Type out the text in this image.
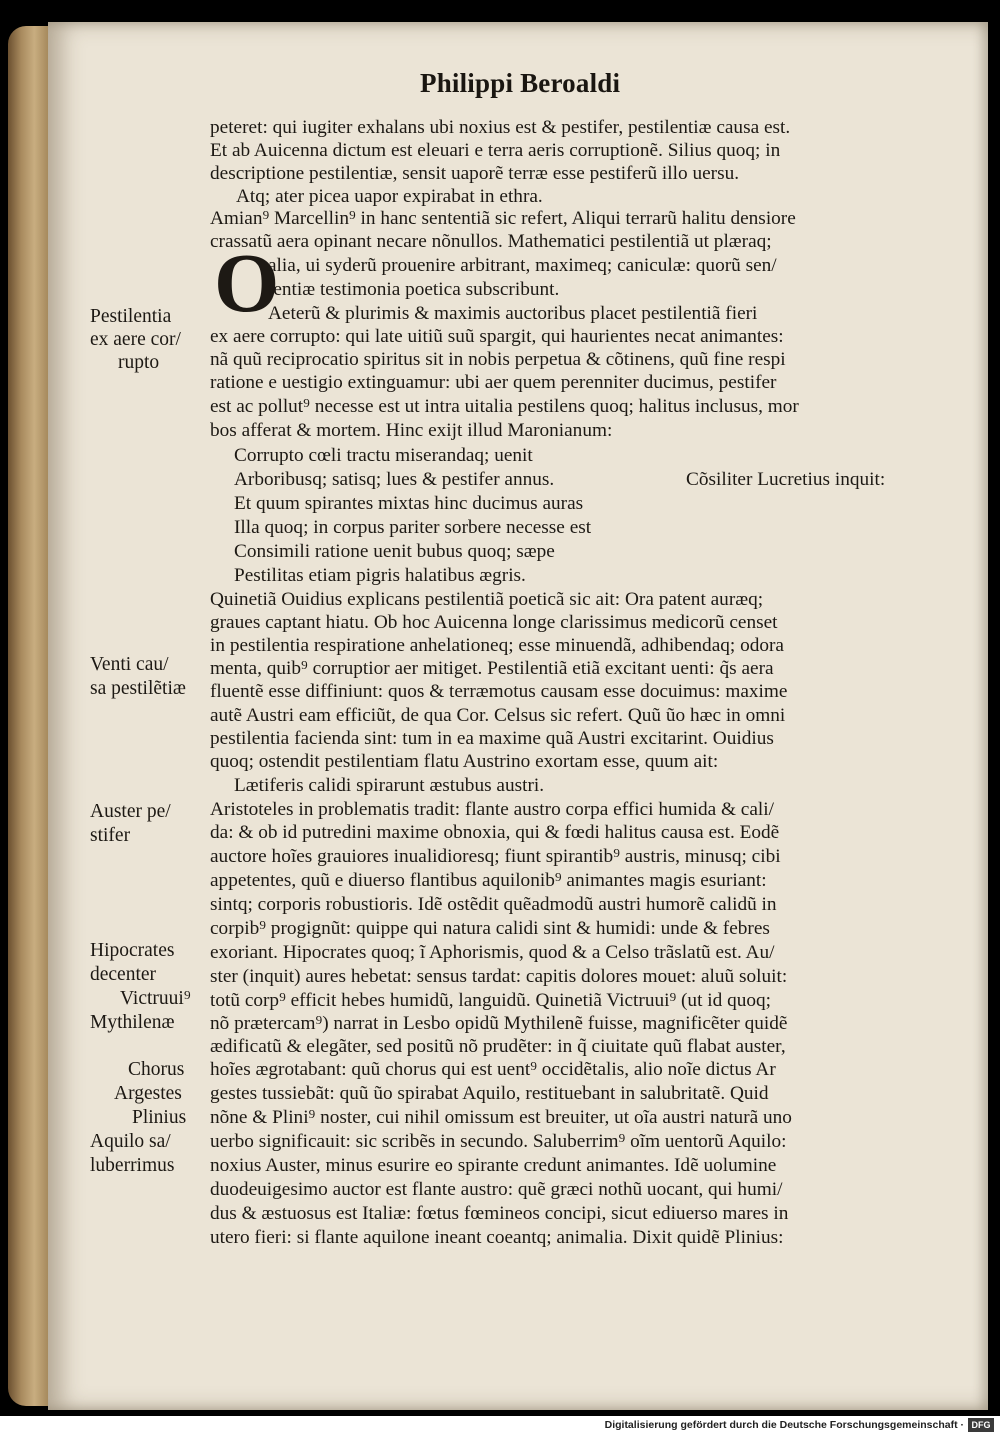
Philippi Beroaldi
O
peteret: qui iugiter exhalans ubi noxius est & pestifer, pestilentiæ causa est.
Et ab Auicenna dictum est eleuari e terra aeris corruptionẽ. Silius quoq; in
descriptione pestilentiæ, sensit uaporẽ terræ esse pestiferũ illo uersu.
Atq; ater picea uapor expirabat in ethra.
Amian⁹ Marcellin⁹ in hanc sententiã sic refert, Aliqui terrarũ halitu densiore
crassatũ aera opinant necare nõnullos. Mathematici pestilentiã ut plæraq;
alia, ui syderũ prouenire arbitrant, maximeq; caniculæ: quorũ sen/
tentiæ testimonia poetica subscribunt.
Aeterũ & plurimis & maximis auctoribus placet pestilentiã fieri
ex aere corrupto: qui late uitiũ suũ spargit, qui haurientes necat animantes:
nã quũ reciprocatio spiritus sit in nobis perpetua & cõtinens, quũ fine respi
ratione e uestigio extinguamur: ubi aer quem perenniter ducimus, pestifer
est ac pollut⁹ necesse est ut intra uitalia pestilens quoq; halitus inclusus, mor
bos afferat & mortem. Hinc exijt illud Maronianum:
Corrupto cœli tractu miserandaq; uenit
Arboribusq; satisq; lues & pestifer annus.
Et quum spirantes mixtas hinc ducimus auras
Illa quoq; in corpus pariter sorbere necesse est
Consimili ratione uenit bubus quoq; sæpe
Pestilitas etiam pigris halatibus ægris.
Quinetiã Ouidius explicans pestilentiã poeticã sic ait: Ora patent auræq;
graues captant hiatu. Ob hoc Auicenna longe clarissimus medicorũ censet
in pestilentia respiratione anhelationeq; esse minuendã, adhibendaq; odora
menta, quib⁹ corruptior aer mitiget. Pestilentiã etiã excitant uenti: q̃s aera
fluentẽ esse diffiniunt: quos & terræmotus causam esse docuimus: maxime
autẽ Austri eam efficiũt, de qua Cor. Celsus sic refert. Quũ ũo hæc in omni
pestilentia facienda sint: tum in ea maxime quã Austri excitarint. Ouidius
quoq; ostendit pestilentiam flatu Austrino exortam esse, quum ait:
Lætiferis calidi spirarunt æstubus austri.
Aristoteles in problematis tradit: flante austro corpa effici humida & cali/
da: & ob id putredini maxime obnoxia, qui & fœdi halitus causa est. Eodẽ
auctore hoĩes grauiores inualidioresq; fiunt spirantib⁹ austris, minusq; cibi
appetentes, quũ e diuerso flantibus aquilonib⁹ animantes magis esuriant:
sintq; corporis robustioris. Idẽ ostẽdit quẽadmodũ austri humorẽ calidũ in
corpib⁹ progignũt: quippe qui natura calidi sint & humidi: unde & febres
exoriant. Hipocrates quoq; ĩ Aphorismis, quod & a Celso trãslatũ est. Au/
ster (inquit) aures hebetat: sensus tardat: capitis dolores mouet: aluũ soluit:
totũ corp⁹ efficit hebes humidũ, languidũ. Quinetiã Victruui⁹ (ut id quoq;
nõ prætercam⁹) narrat in Lesbo opidũ Mythilenẽ fuisse, magnificẽter quidẽ
ædificatũ & elegãter, sed positũ nõ prudẽter: in q̃ ciuitate quũ flabat auster,
hoĩes ægrotabant: quũ chorus qui est uent⁹ occidẽtalis, alio noĩe dictus Ar
gestes tussiebãt: quũ ũo spirabat Aquilo, restituebant in salubritatẽ. Quid
nõne & Plini⁹ noster, cui nihil omissum est breuiter, ut oĩa austri naturã uno
uerbo significauit: sic scribẽs in secundo. Saluberrim⁹ oĩm uentorũ Aquilo:
noxius Auster, minus esurire eo spirante credunt animantes. Idẽ uolumine
duodeuigesimo auctor est flante austro: quẽ græci nothũ uocant, qui humi/
dus & æstuosus est Italiæ: fœtus fœmineos concipi, sicut ediuerso mares in
utero fieri: si flante aquilone ineant coeantq; animalia. Dixit quidẽ Plinius:
Cõsiliter Lucretius inquit:
Pestilentia
ex aere cor/
rupto
Venti cau/
sa pestilẽtiæ
Auster pe/
stifer
Hipocrates
decenter
Victruui⁹
Mythilenæ
Chorus
Argestes
Plinius
Aquilo sa/
luberrimus
Digitalisierung gefördert durch die Deutsche Forschungsgemeinschaft · DFG
